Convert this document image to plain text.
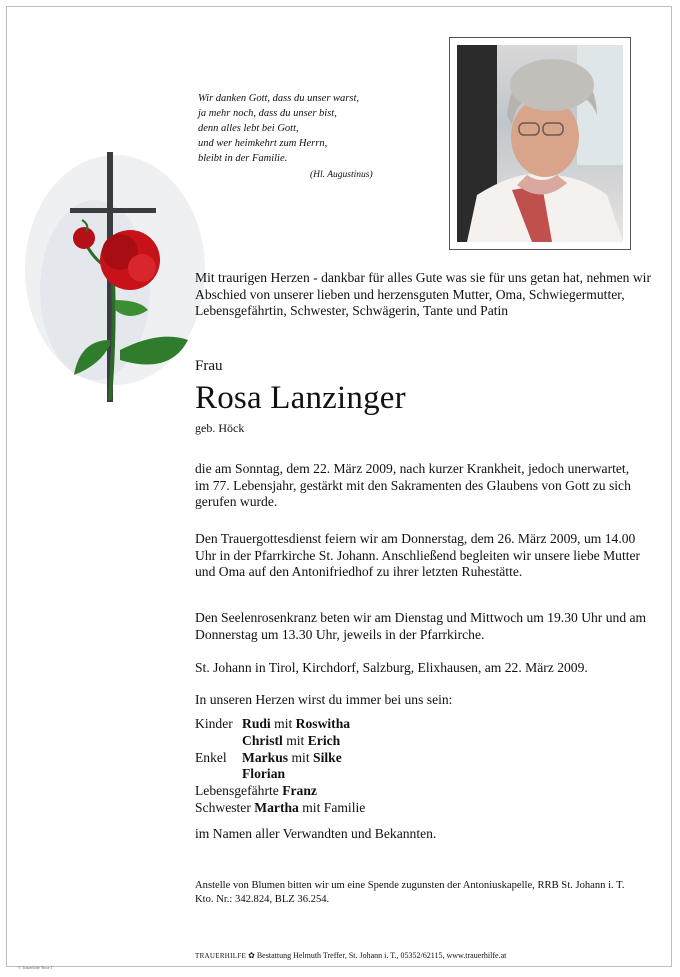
Wir danken Gott, dass du unser warst,
ja mehr noch, dass du unser bist,
denn alles lebt bei Gott,
und wer heimkehrt zum Herrn,
bleibt in der Familie.
(Hl. Augustinus)
Mit traurigen Herzen - dankbar für alles Gute was sie für uns getan hat, nehmen wir Abschied von unserer lieben und herzensguten Mutter, Oma, Schwiegermutter, Lebensgefährtin, Schwester, Schwägerin, Tante und Patin
Frau
Rosa Lanzinger
geb. Höck
die am Sonntag, dem 22. März 2009, nach kurzer Krankheit, jedoch unerwartet, im 77. Lebensjahr, gestärkt mit den Sakramenten des Glaubens von Gott zu sich gerufen wurde.
Den Trauergottesdienst feiern wir am Donnerstag, dem 26. März 2009, um 14.00 Uhr in der Pfarrkirche St. Johann. Anschließend begleiten wir unsere liebe Mutter und Oma auf den Antonifriedhof zu ihrer letzten Ruhestätte.
Den Seelenrosenkranz beten wir am Dienstag und Mittwoch um 19.30 Uhr und am Donnerstag um 13.30 Uhr, jeweils in der Pfarrkirche.
St. Johann in Tirol, Kirchdorf, Salzburg, Elixhausen, am 22. März 2009.
In unseren Herzen wirst du immer bei uns sein:
Kinder Rudi mit Roswitha
Christl mit Erich
Enkel Markus mit Silke
Florian
Lebensgefährte Franz
Schwester Martha mit Familie
im Namen aller Verwandten und Bekannten.
Anstelle von Blumen bitten wir um eine Spende zugunsten der Antoniuskapelle, RRB St. Johann i. T. Kto. Nr.: 342.824, BLZ 36.254.
TRAUERHILFE ✿ Bestattung Helmuth Treffer, St. Johann i. T., 05352/62115, www.trauerhilfe.at
© Trauerhilfe 'Rose 1'
